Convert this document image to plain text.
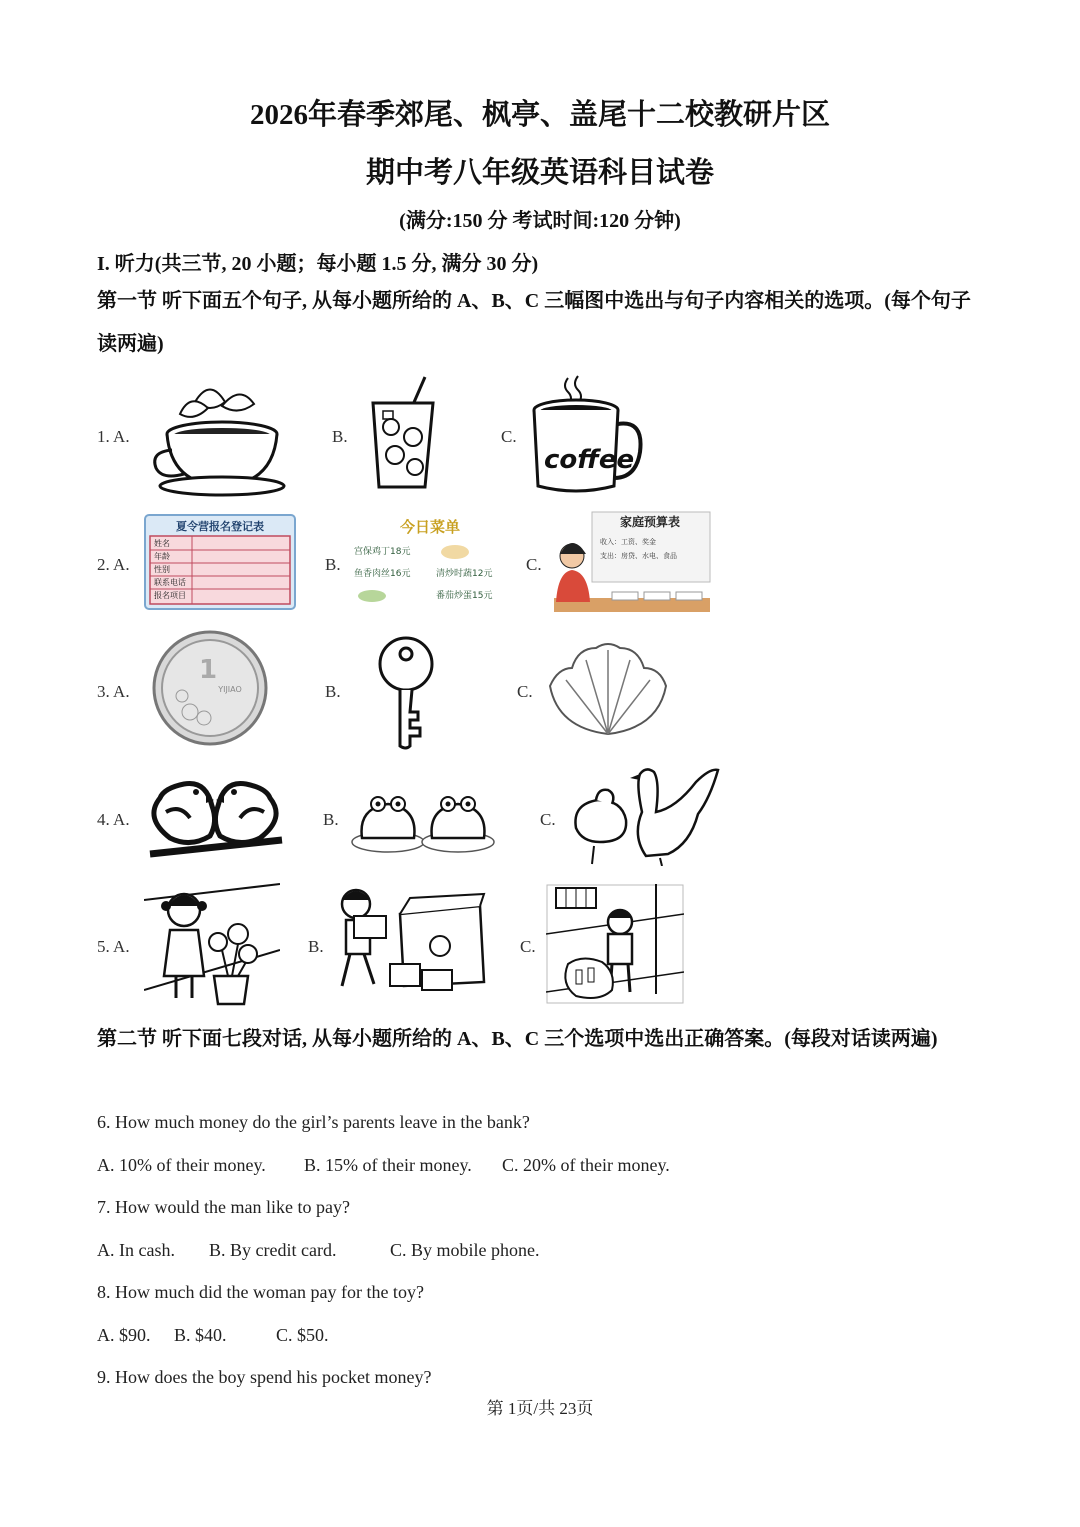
2026年春季郊尾、枫亭、盖尾十二校教研片区
期中考八年级英语科目试卷
(满分:150 分 考试时间:120 分钟)
I. 听力(共三节, 20 小题；每小题 1.5 分, 满分 30 分)
第一节 听下面五个句子, 从每小题所给的 A、B、C 三幅图中选出与句子内容相关的选项。(每个句子读两遍)
1. A.	B.	C.
coffee
2. A.	B.	C.
夏令营报名登记表
姓名
年龄
性别
联系电话
报名项目
今日菜单
宫保鸡丁18元
鱼香肉丝16元	清炒时蔬12元
番茄炒蛋15元
家庭预算表
收入：工资、奖金
支出：房贷、水电、食品
3. A.	B.	C.
1
YIJIAO
4. A.	B.	C.
5. A.	B.	C.
第二节 听下面七段对话, 从每小题所给的 A、B、C 三个选项中选出正确答案。(每段对话读两遍)
6. How much money do the girl’s parents leave in the bank?
A. 10% of their money. B. 15% of their money. C. 20% of their money.
7. How would the man like to pay?
A. In cash. B. By credit card.	C. By mobile phone.
8. How much did the woman pay for the toy?
A. $90. B. $40.	C. $50.
9. How does the boy spend his pocket money?
第 1页/共 23页
